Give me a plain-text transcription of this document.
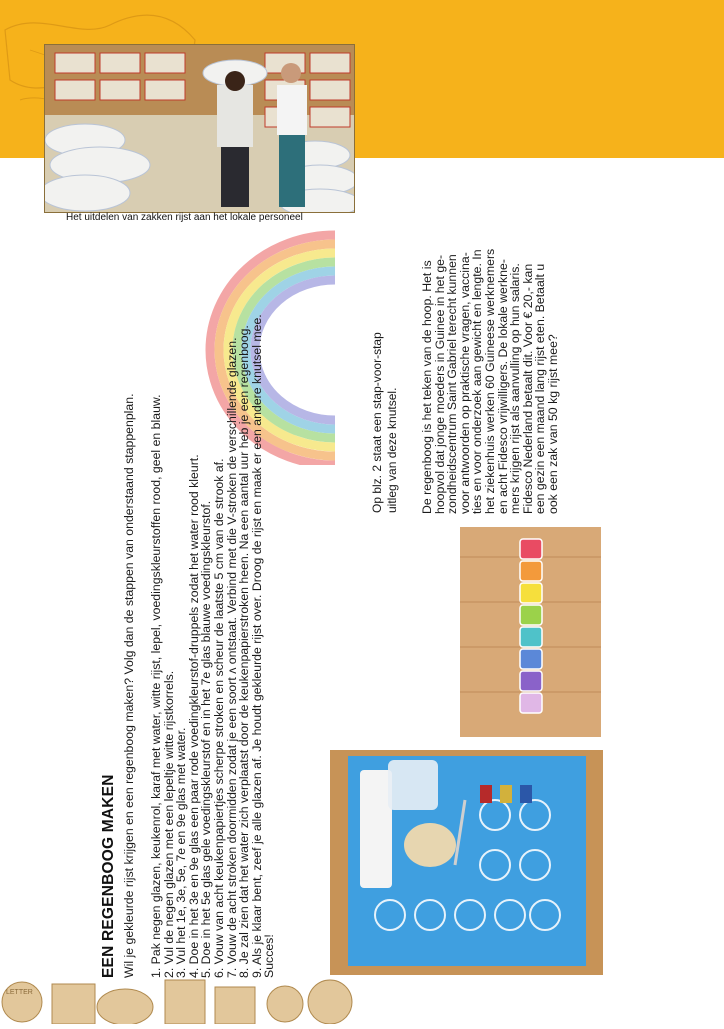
Het uitdelen van zakken rijst aan het lokale personeel
EEN REGENBOOG MAKEN Wil je gekleurde rijst krijgen en een regenboog maken? Volg dan de stappen van onderstaand stappenplan. 1. Pak negen glazen, keukenrol, karaf met water, witte rijst, lepel, voedingskleurstoffen rood, geel en blauw.
2. Vul de negen glazen met een lepeltje witte rijstkorrels.
3. Vul het 1e, 3e, 5e, 7e en 9e glas met water.
4. Doe in het 3e en 9e glas een paar rode voedingkleurstof-druppels zodat het water rood kleurt.
5. Doe in het 5e glas gele voedingskleurstof en in het 7e glas blauwe voedingskleurstof.
6. Vouw van acht keukenpapiertjes scherpe stroken en scheur de laatste 5 cm van de strook af.
7. Vouw de acht stroken doormidden zodat je een soort ʌ ontstaat. Verbind met die V-stroken de verschillende glazen.
8. Je zal zien dat het water zich verplaatst door de keukenpapierstroken heen. Na een aantal uur heb je een regenboog.
9. Als je klaar bent, zeef je alle glazen af. Je houdt gekleurde rijst over. Droog de rijst en maak er een andere knutsel mee.
Succes!

Op blz. 2 staat een stap-voor-stap uitleg van deze knutsel. De regenboog is het teken van de hoop. Het is

hoopvol dat jonge moeders in Guinee in het ge-

zondheidscentrum Saint Gabriel terecht kunnen

voor antwoorden op praktische vragen, vaccina-

ties en voor onderzoek aan gewicht en lengte. In

het ziekenhuis werken 60 Guineese werknemers

en acht Fidesco vrijwilligers. De lokale werkne-

mers krijgen rijst als aanvulling op hun salaris.

Fidesco Nederland betaalt dit. Voor € 20,- kan

een gezin een maand lang rijst eten. Betaalt u

ook een zak van 50 kg rijst mee?

LETTER
